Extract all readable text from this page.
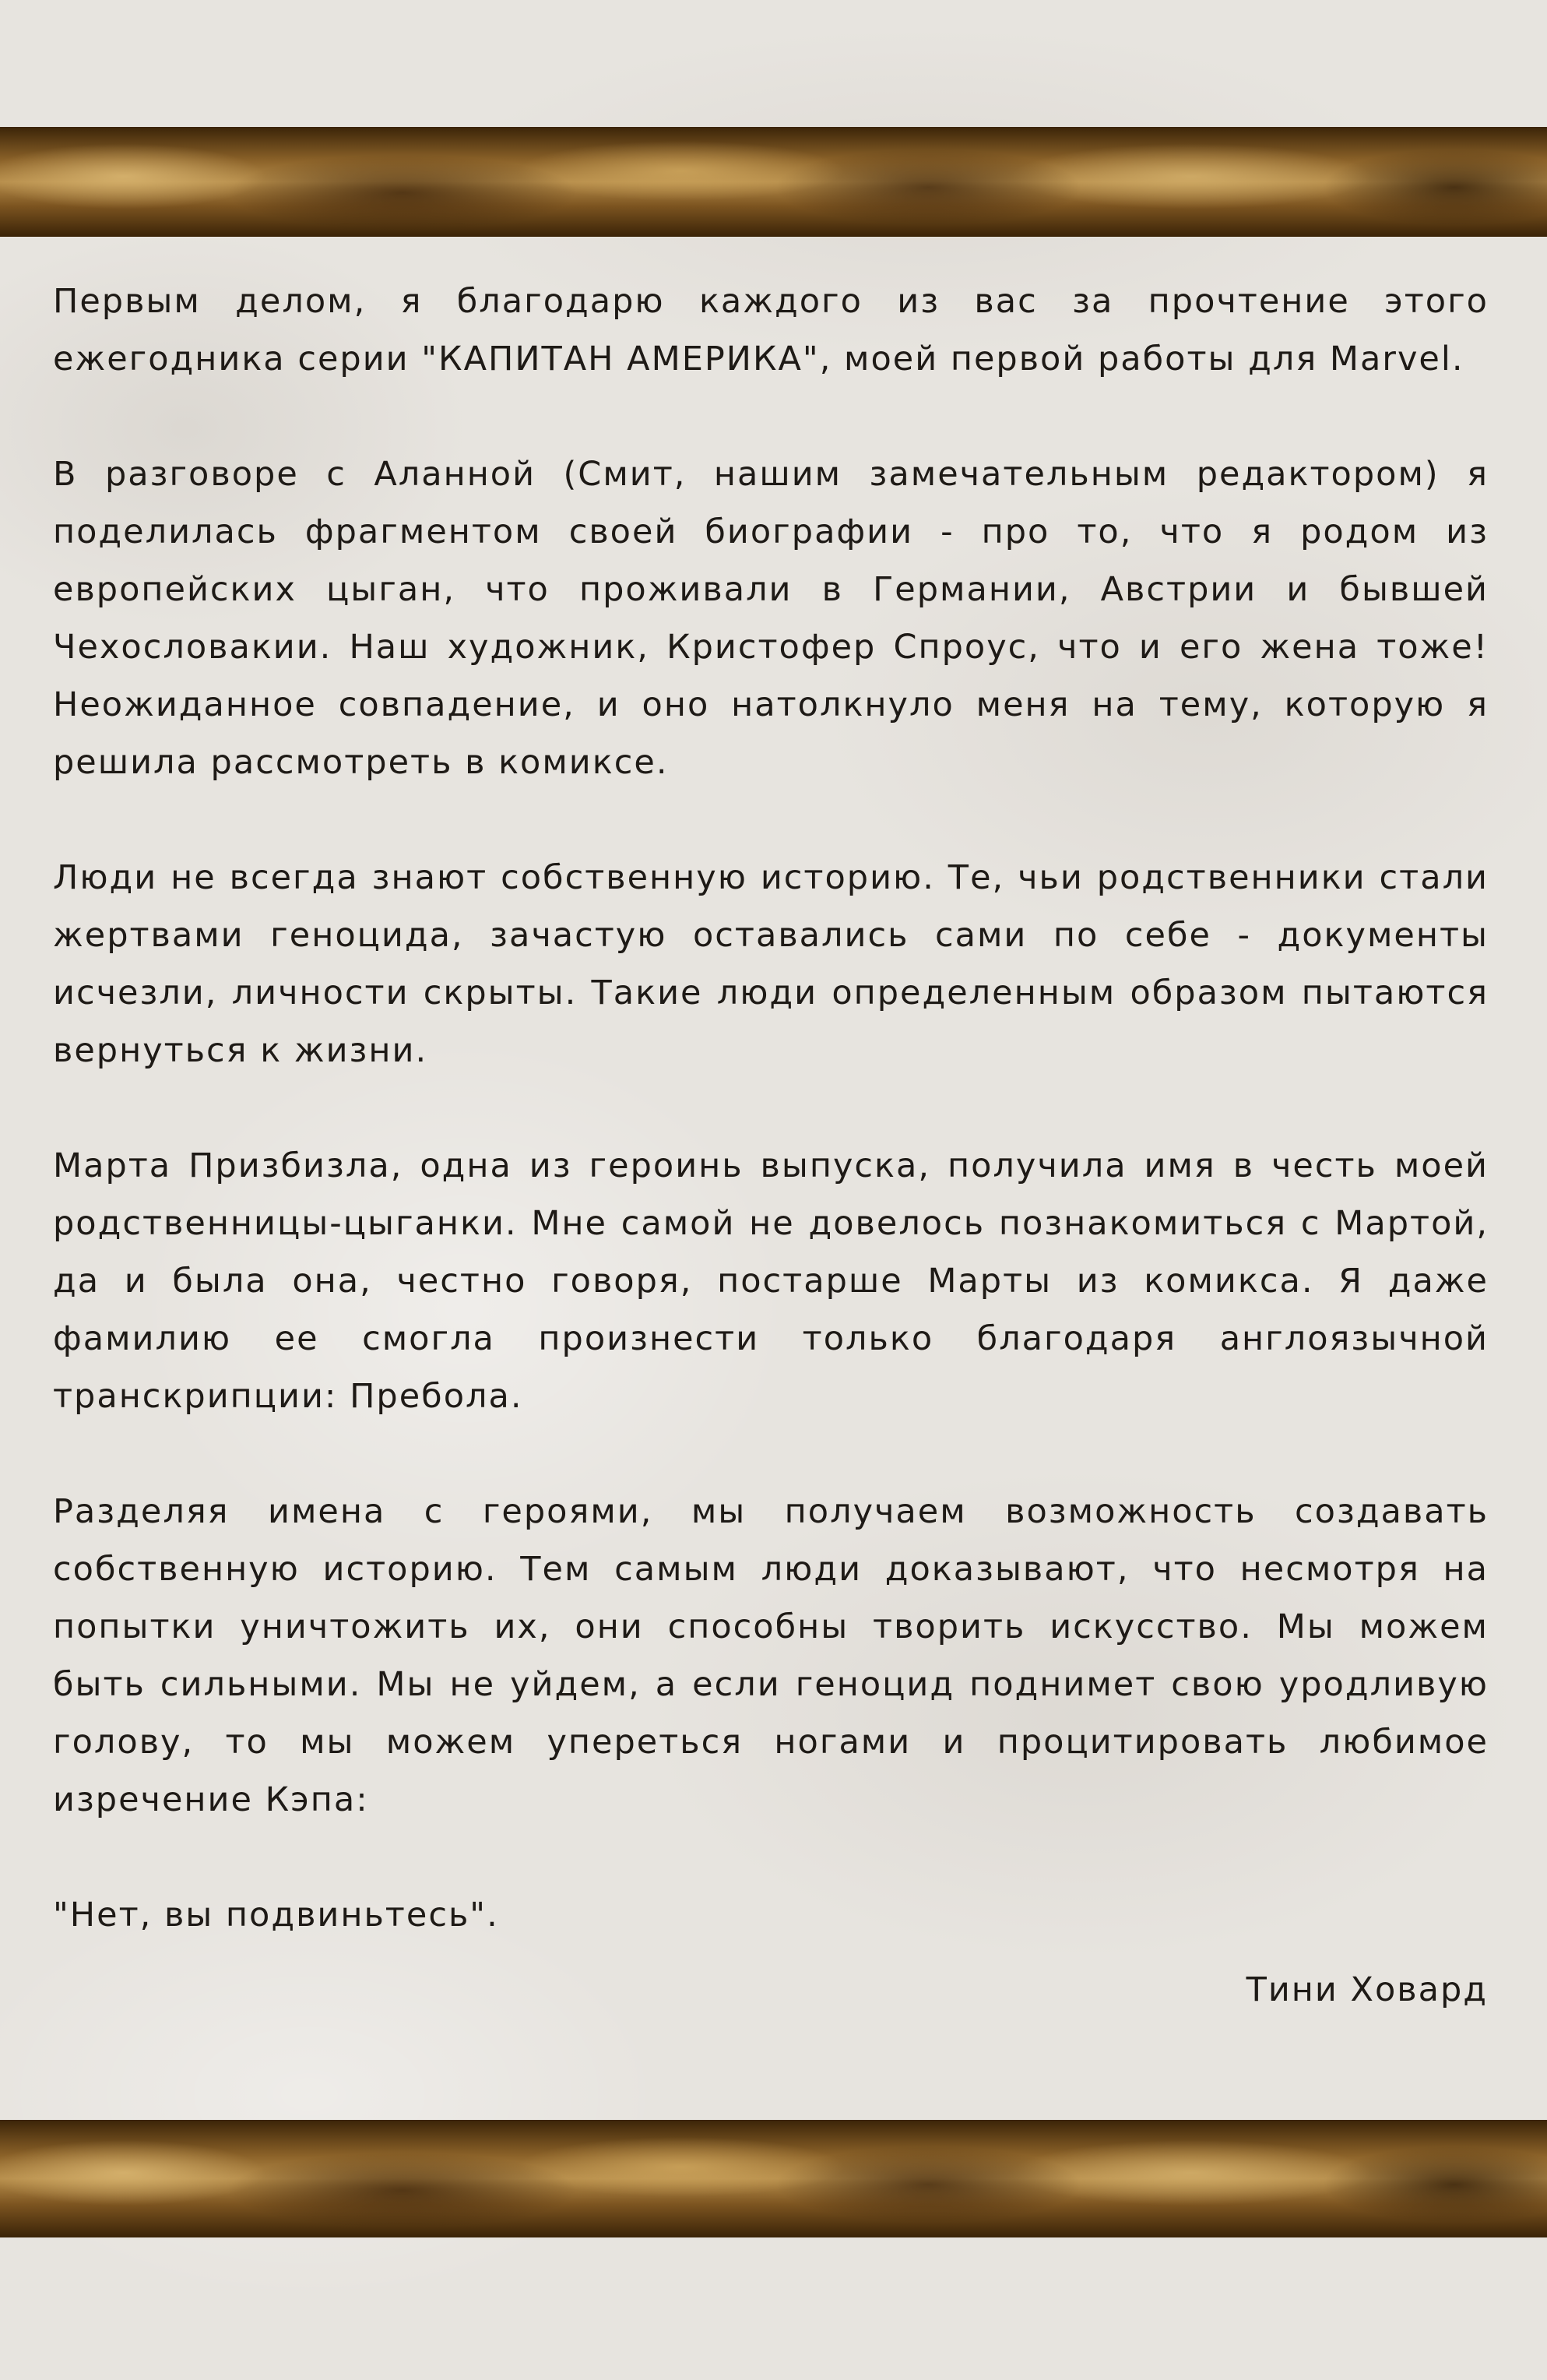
Первым делом, я благодарю каждого из вас за прочтение этого ежегодника серии "КАПИТАН АМЕРИКА", моей первой работы для Marvel.

В разговоре с Аланной (Смит, нашим замечательным редактором) я поделилась фрагментом своей биографии - про то, что я родом из европейских цыган, что проживали в Германии, Австрии и бывшей Чехословакии. Наш художник, Кристофер Спроус, что и его жена тоже! Неожиданное совпадение, и оно натолкнуло меня на тему, которую я решила рассмотреть в комиксе.

Люди не всегда знают собственную историю. Те, чьи родственники стали жертвами геноцида, зачастую оставались сами по себе - документы исчезли, личности скрыты. Такие люди определенным образом пытаются вернуться к жизни.

Марта Призбизла, одна из героинь выпуска, получила имя в честь моей родственницы-цыганки. Мне самой не довелось познакомиться с Мартой, да и была она, честно говоря, постарше Марты из комикса. Я даже фамилию ее смогла произнести только благодаря англоязычной транскрипции: Пребола.

Разделяя имена с героями, мы получаем возможность создавать собственную историю. Тем самым люди доказывают, что несмотря на попытки уничтожить их, они способны творить искусство. Мы можем быть сильными. Мы не уйдем, а если геноцид поднимет свою уродливую голову, то мы можем упереться ногами и процитировать любимое изречение Кэпа:

"Нет, вы подвиньтесь".

Тини Ховард
